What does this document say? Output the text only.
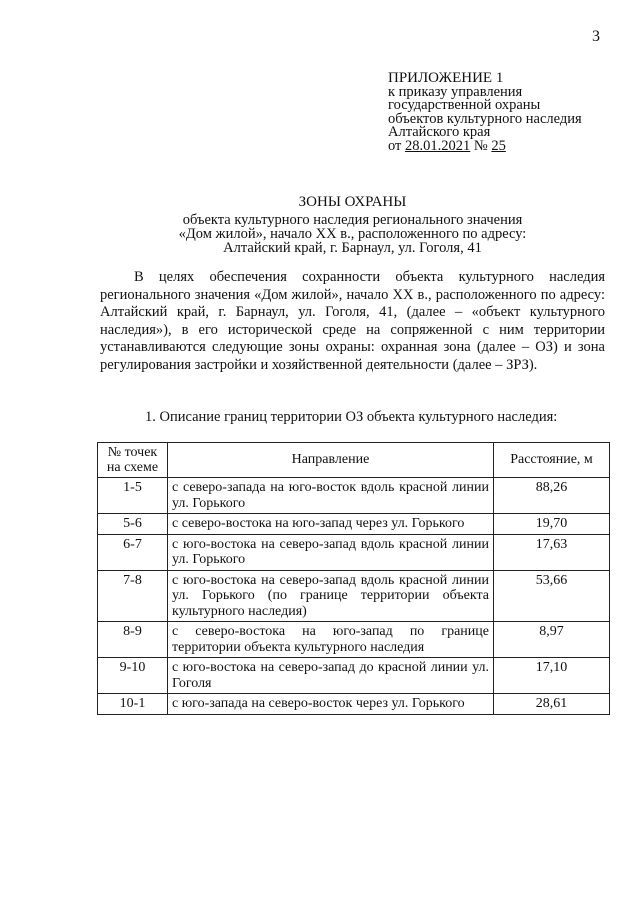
3
ПРИЛОЖЕНИЕ 1
к приказу управления
государственной охраны
объектов культурного наследия
Алтайского края
от 28.01.2021 № 25
ЗОНЫ ОХРАНЫ
объекта культурного наследия регионального значения
«Дом жилой», начало XX в., расположенного по адресу:
Алтайский край, г. Барнаул, ул. Гоголя, 41
В целях обеспечения сохранности объекта культурного наследия регионального значения «Дом жилой», начало XX в., расположенного по адресу: Алтайский край, г. Барнаул, ул. Гоголя, 41, (далее – «объект культурного наследия»), в его исторической среде на сопряженной с ним территории устанавливаются следующие зоны охраны: охранная зона (далее – ОЗ) и зона регулирования застройки и хозяйственной деятельности (далее – ЗРЗ).
1. Описание границ территории ОЗ объекта культурного наследия:
№ точек на схеме	Направление	Расстояние, м
1-5	с северо-запада на юго-восток вдоль красной линии ул. Горького	88,26
5-6	с северо-востока на юго-запад через ул. Горького	19,70
6-7	с юго-востока на северо-запад вдоль красной линии ул. Горького	17,63
7-8	с юго-востока на северо-запад вдоль красной линии ул. Горького (по границе территории объекта культурного наследия)	53,66
8-9	с северо-востока на юго-запад по границе территории объекта культурного наследия	8,97
9-10	с юго-востока на северо-запад до красной линии ул. Гоголя	17,10
10-1	с юго-запада на северо-восток через ул. Горького	28,61
